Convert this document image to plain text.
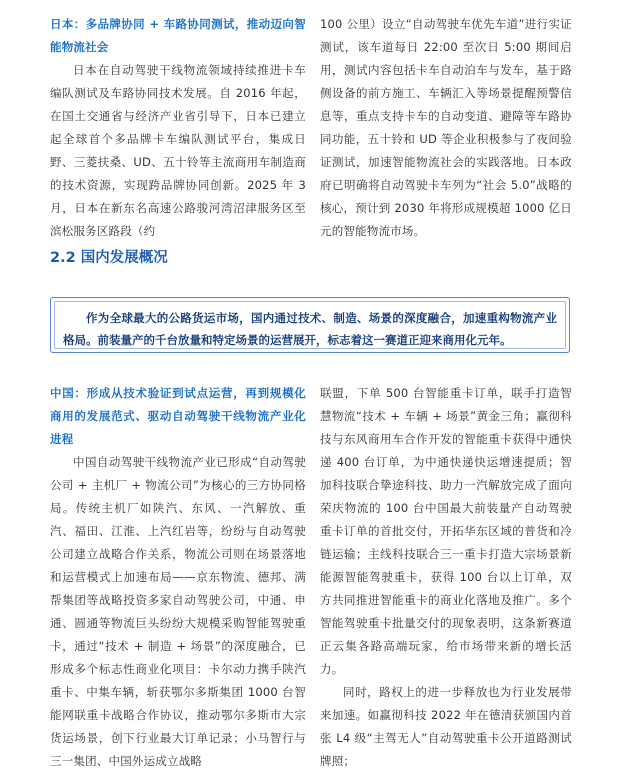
日本：多品牌协同 + 车路协同测试，推动迈向智能物流社会

日本在自动驾驶干线物流领域持续推进卡车编队测试及车路协同技术发展。自 2016 年起，在国土交通省与经济产业省引导下，日本已建立起全球首个多品牌卡车编队测试平台，集成日野、三菱扶桑、UD、五十铃等主流商用车制造商的技术资源，实现跨品牌协同创新。2025 年 3 月，日本在新东名高速公路骏河湾沼津服务区至滨松服务区路段（约

100 公里）设立“自动驾驶车优先车道”进行实证测试，该车道每日 22:00 至次日 5:00 期间启用，测试内容包括卡车自动泊车与发车，基于路侧设备的前方施工、车辆汇入等场景提醒预警信息等，重点支持卡车的自动变道、避障等车路协同功能，五十铃和 UD 等企业积极参与了夜间验证测试，加速智能物流社会的实践落地。日本政府已明确将自动驾驶卡车列为“社会 5.0”战略的核心，预计到 2030 年将形成规模超 1000 亿日元的智能物流市场。

2.2 国内发展概况

作为全球最大的公路货运市场，国内通过技术、制造、场景的深度融合，加速重构物流产业格局。前装量产的千台放量和特定场景的运营展开，标志着这一赛道正迎来商用化元年。

中国：形成从技术验证到试点运营，再到规模化商用的发展范式、驱动自动驾驶干线物流产业化进程

中国自动驾驶干线物流产业已形成“自动驾驶公司 + 主机厂 + 物流公司”为核心的三方协同格局。传统主机厂如陕汽、东风、一汽解放、重汽、福田、江淮、上汽红岩等，纷纷与自动驾驶公司建立战略合作关系，物流公司则在场景落地和运营模式上加速布局——京东物流、德邦、满帮集团等战略投资多家自动驾驶公司，中通、申通、圆通等物流巨头纷纷大规模采购智能驾驶重卡，通过“技术 + 制造 + 场景”的深度融合，已形成多个标志性商业化项目：卡尔动力携手陕汽重卡、中集车辆，斩获鄂尔多斯集团 1000 台智能网联重卡战略合作协议，推动鄂尔多斯市大宗货运场景，创下行业最大订单记录；小马智行与三一集团、中国外运成立战略

联盟，下单 500 台智能重卡订单，联手打造智慧物流“技术 + 车辆 + 场景”黄金三角；赢彻科技与东风商用车合作开发的智能重卡获得中通快递 400 台订单，为中通快递快运增速提质；智加科技联合挚途科技、助力一汽解放完成了面向荣庆物流的 100 台中国最大前装量产自动驾驶重卡订单的首批交付，开拓华东区域的普货和冷链运输；主线科技联合三一重卡打造大宗场景新能源智能驾驶重卡，获得 100 台以上订单，双方共同推进智能重卡的商业化落地及推广。多个智能驾驶重卡批量交付的现象表明，这条新赛道正云集各路高端玩家，给市场带来新的增长活力。

同时，路权上的进一步释放也为行业发展带来加速。如赢彻科技 2022 年在德清获颁国内首张 L4 级“主驾无人”自动驾驶重卡公开道路测试牌照；
